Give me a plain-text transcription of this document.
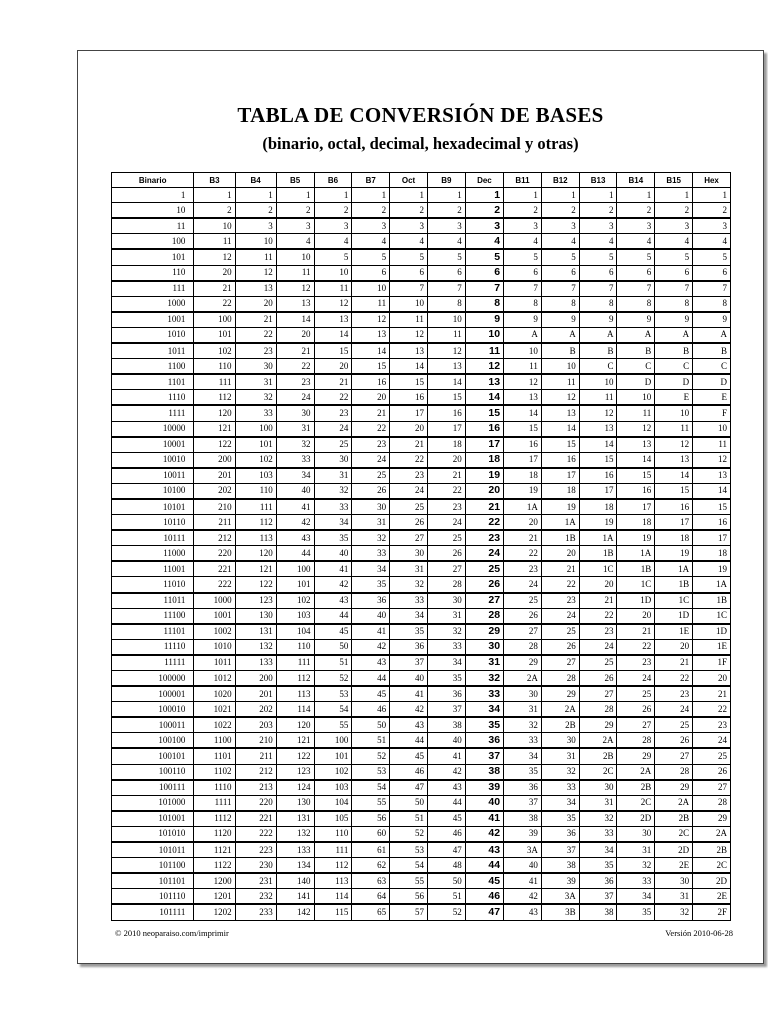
TABLA DE CONVERSIÓN DE BASES
(binario, octal, decimal, hexadecimal y otras)
Binario	B3	B4	B5	B6	B7	Oct	B9	Dec	B11	B12	B13	B14	B15	Hex
1	1	1	1	1	1	1	1	1	1	1	1	1	1	1
10	2	2	2	2	2	2	2	2	2	2	2	2	2	2
11	10	3	3	3	3	3	3	3	3	3	3	3	3	3
100	11	10	4	4	4	4	4	4	4	4	4	4	4	4
101	12	11	10	5	5	5	5	5	5	5	5	5	5	5
110	20	12	11	10	6	6	6	6	6	6	6	6	6	6
111	21	13	12	11	10	7	7	7	7	7	7	7	7	7
1000	22	20	13	12	11	10	8	8	8	8	8	8	8	8
1001	100	21	14	13	12	11	10	9	9	9	9	9	9	9
1010	101	22	20	14	13	12	11	10	A	A	A	A	A	A
1011	102	23	21	15	14	13	12	11	10	B	B	B	B	B
1100	110	30	22	20	15	14	13	12	11	10	C	C	C	C
1101	111	31	23	21	16	15	14	13	12	11	10	D	D	D
1110	112	32	24	22	20	16	15	14	13	12	11	10	E	E
1111	120	33	30	23	21	17	16	15	14	13	12	11	10	F
10000	121	100	31	24	22	20	17	16	15	14	13	12	11	10
10001	122	101	32	25	23	21	18	17	16	15	14	13	12	11
10010	200	102	33	30	24	22	20	18	17	16	15	14	13	12
10011	201	103	34	31	25	23	21	19	18	17	16	15	14	13
10100	202	110	40	32	26	24	22	20	19	18	17	16	15	14
10101	210	111	41	33	30	25	23	21	1A	19	18	17	16	15
10110	211	112	42	34	31	26	24	22	20	1A	19	18	17	16
10111	212	113	43	35	32	27	25	23	21	1B	1A	19	18	17
11000	220	120	44	40	33	30	26	24	22	20	1B	1A	19	18
11001	221	121	100	41	34	31	27	25	23	21	1C	1B	1A	19
11010	222	122	101	42	35	32	28	26	24	22	20	1C	1B	1A
11011	1000	123	102	43	36	33	30	27	25	23	21	1D	1C	1B
11100	1001	130	103	44	40	34	31	28	26	24	22	20	1D	1C
11101	1002	131	104	45	41	35	32	29	27	25	23	21	1E	1D
11110	1010	132	110	50	42	36	33	30	28	26	24	22	20	1E
11111	1011	133	111	51	43	37	34	31	29	27	25	23	21	1F
100000	1012	200	112	52	44	40	35	32	2A	28	26	24	22	20
100001	1020	201	113	53	45	41	36	33	30	29	27	25	23	21
100010	1021	202	114	54	46	42	37	34	31	2A	28	26	24	22
100011	1022	203	120	55	50	43	38	35	32	2B	29	27	25	23
100100	1100	210	121	100	51	44	40	36	33	30	2A	28	26	24
100101	1101	211	122	101	52	45	41	37	34	31	2B	29	27	25
100110	1102	212	123	102	53	46	42	38	35	32	2C	2A	28	26
100111	1110	213	124	103	54	47	43	39	36	33	30	2B	29	27
101000	1111	220	130	104	55	50	44	40	37	34	31	2C	2A	28
101001	1112	221	131	105	56	51	45	41	38	35	32	2D	2B	29
101010	1120	222	132	110	60	52	46	42	39	36	33	30	2C	2A
101011	1121	223	133	111	61	53	47	43	3A	37	34	31	2D	2B
101100	1122	230	134	112	62	54	48	44	40	38	35	32	2E	2C
101101	1200	231	140	113	63	55	50	45	41	39	36	33	30	2D
101110	1201	232	141	114	64	56	51	46	42	3A	37	34	31	2E
101111	1202	233	142	115	65	57	52	47	43	3B	38	35	32	2F
© 2010 neoparaiso.com/imprimir	Versión 2010-06-28
